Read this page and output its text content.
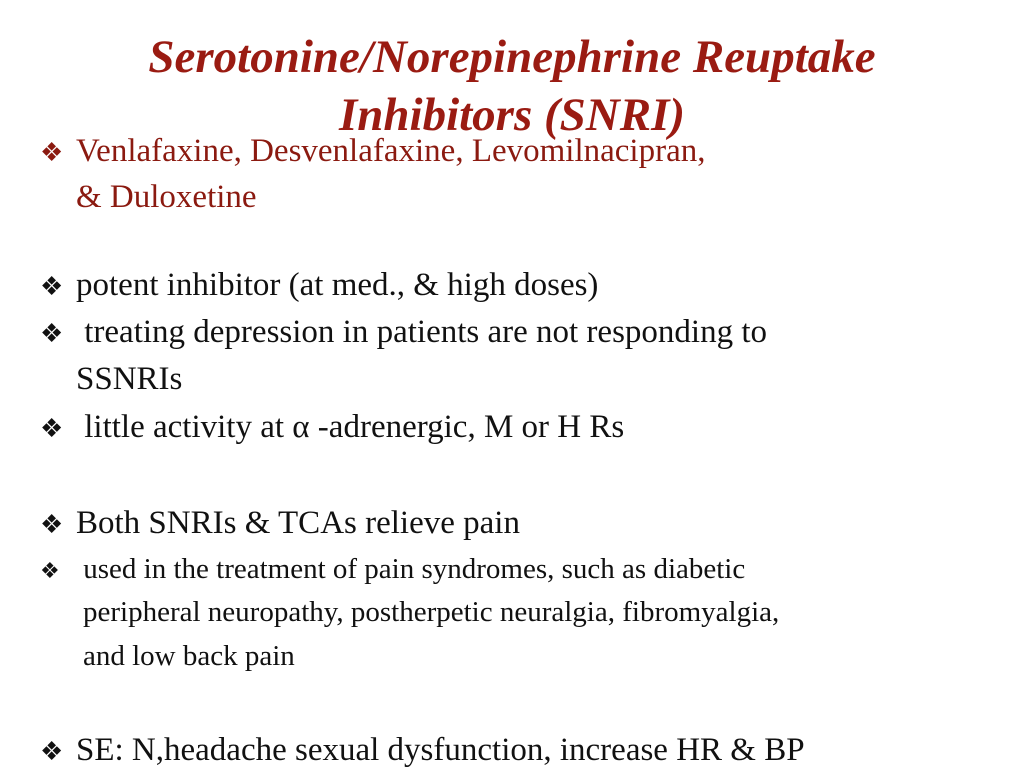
Serotonine/Norepinephrine Reuptake
Inhibitors (SNRI)
❖ Venlafaxine, Desvenlafaxine, Levomilnacipran,
& Duloxetine
❖ potent inhibitor (at med., & high doses)
❖ treating depression in patients are not responding to
SSNRIs
❖ little activity at α -adrenergic, M or H Rs
❖ Both SNRIs & TCAs relieve pain
❖ used in the treatment of pain syndromes, such as diabetic
peripheral neuropathy, postherpetic neuralgia, fibromyalgia,
and low back pain
❖ SE: N,headache sexual dysfunction, increase HR & BP
